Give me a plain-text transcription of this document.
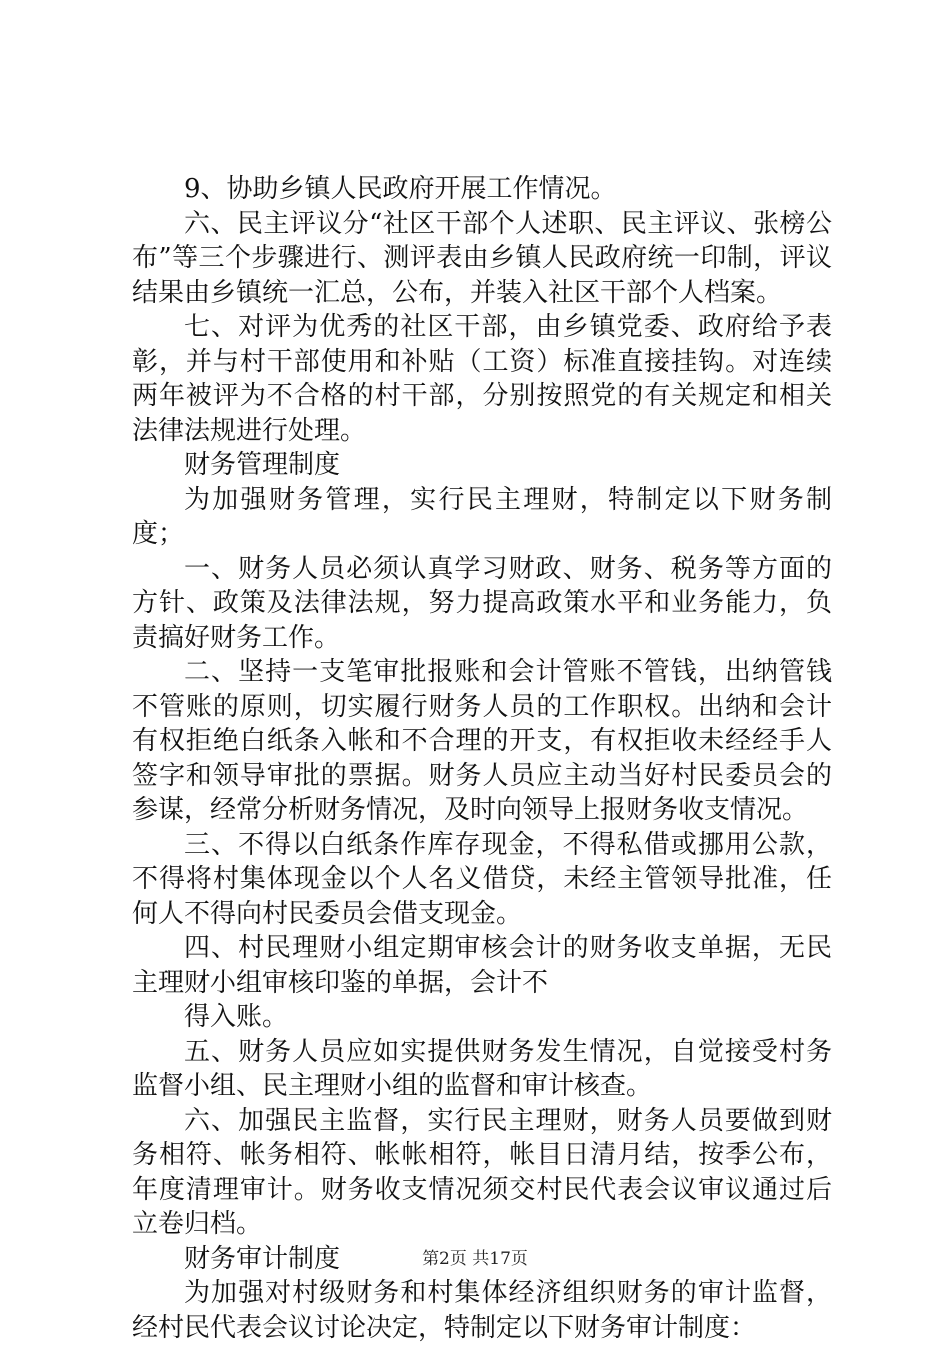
9、协助乡镇人民政府开展工作情况。

六、民主评议分“社区干部个人述职、民主评议、张榜公布”等三个步骤进行、测评表由乡镇人民政府统一印制，评议结果由乡镇统一汇总，公布，并装入社区干部个人档案。

七、对评为优秀的社区干部，由乡镇党委、政府给予表彰，并与村干部使用和补贴（工资）标准直接挂钩。对连续两年被评为不合格的村干部，分别按照党的有关规定和相关法律法规进行处理。

财务管理制度

为加强财务管理，实行民主理财，特制定以下财务制度；

一、财务人员必须认真学习财政、财务、税务等方面的方针、政策及法律法规，努力提高政策水平和业务能力，负责搞好财务工作。

二、坚持一支笔审批报账和会计管账不管钱，出纳管钱不管账的原则，切实履行财务人员的工作职权。出纳和会计有权拒绝白纸条入帐和不合理的开支，有权拒收未经经手人签字和领导审批的票据。财务人员应主动当好村民委员会的参谋，经常分析财务情况，及时向领导上报财务收支情况。

三、不得以白纸条作库存现金，不得私借或挪用公款，不得将村集体现金以个人名义借贷，未经主管领导批准，任何人不得向村民委员会借支现金。

四、村民理财小组定期审核会计的财务收支单据，无民主理财小组审核印鉴的单据，会计不

得入账。

五、财务人员应如实提供财务发生情况，自觉接受村务监督小组、民主理财小组的监督和审计核查。

六、加强民主监督，实行民主理财，财务人员要做到财务相符、帐务相符、帐帐相符，帐目日清月结，按季公布，年度清理审计。财务收支情况须交村民代表会议审议通过后立卷归档。

财务审计制度

为加强对村级财务和村集体经济组织财务的审计监督，经村民代表会议讨论决定，特制定以下财务审计制度：

第2页 共17页
